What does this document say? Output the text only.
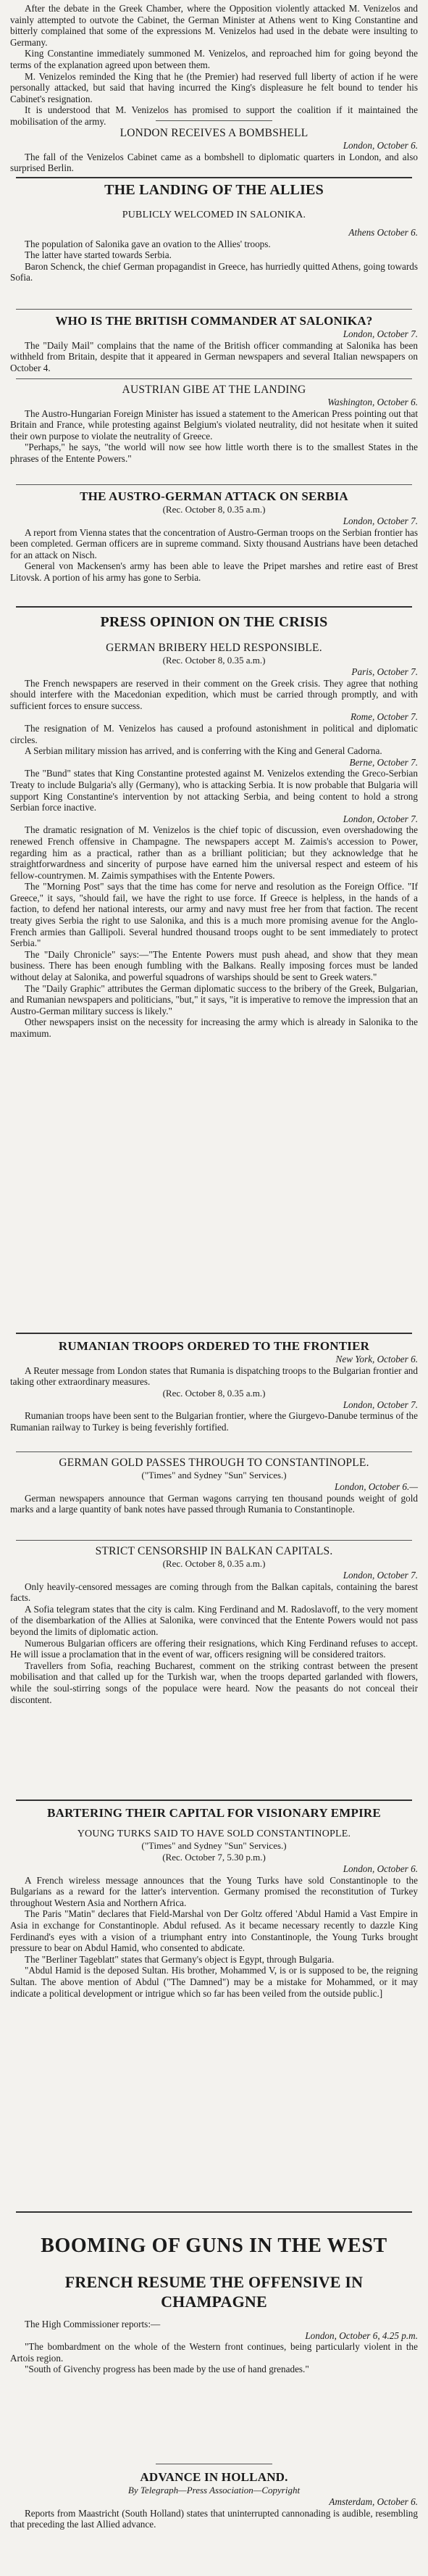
After the debate in the Greek Chamber, where the Opposition violently attacked M. Venizelos and vainly attempted to outvote the Cabinet, the German Minister at Athens went to King Constantine and bitterly complained that some of the expressions M. Venizelos had used in the debate were insulting to Germany.

King Constantine immediately summoned M. Venizelos, and reproached him for going beyond the terms of the explanation agreed upon between them.

M. Venizelos reminded the King that he (the Premier) had reserved full liberty of action if he were personally attacked, but said that having incurred the King's displeasure he felt bound to tender his Cabinet's resignation.

It is understood that M. Venizelos has promised to support the coalition if it maintained the mobilisation of the army.

LONDON RECEIVES A BOMBSHELL

London, October 6.

The fall of the Venizelos Cabinet came as a bombshell to diplomatic quarters in London, and also surprised Berlin.

THE LANDING OF THE ALLIES

PUBLICLY WELCOMED IN SALONIKA.

Athens October 6.

The population of Salonika gave an ovation to the Allies' troops.

The latter have started towards Serbia.

Baron Schenck, the chief German propagandist in Greece, has hurriedly quitted Athens, going towards Sofia.

WHO IS THE BRITISH COMMANDER AT SALONIKA?

London, October 7.

The "Daily Mail" complains that the name of the British officer commanding at Salonika has been withheld from Britain, despite that it appeared in German newspapers and several Italian newspapers on October 4.

AUSTRIAN GIBE AT THE LANDING

Washington, October 6.

The Austro-Hungarian Foreign Minister has issued a statement to the American Press pointing out that Britain and France, while protesting against Belgium's violated neutrality, did not hesitate when it suited their own purpose to violate the neutrality of Greece.

"Perhaps," he says, "the world will now see how little worth there is to the smallest States in the phrases of the Entente Powers."

THE AUSTRO-GERMAN ATTACK ON SERBIA

(Rec. October 8, 0.35 a.m.)

London, October 7.

A report from Vienna states that the concentration of Austro-German troops on the Serbian frontier has been completed. German officers are in supreme command. Sixty thousand Austrians have been detached for an attack on Nisch.

General von Mackensen's army has been able to leave the Pripet marshes and retire east of Brest Litovsk. A portion of his army has gone to Serbia.

PRESS OPINION ON THE CRISIS

GERMAN BRIBERY HELD RESPONSIBLE.

(Rec. October 8, 0.35 a.m.)

Paris, October 7.

The French newspapers are reserved in their comment on the Greek crisis. They agree that nothing should interfere with the Macedonian expedition, which must be carried through promptly, and with sufficient forces to ensure success.

Rome, October 7.

The resignation of M. Venizelos has caused a profound astonishment in political and diplomatic circles.

A Serbian military mission has arrived, and is conferring with the King and General Cadorna.

Berne, October 7.

The "Bund" states that King Constantine protested against M. Venizelos extending the Greco-Serbian Treaty to include Bulgaria's ally (Germany), who is attacking Serbia. It is now probable that Bulgaria will support King Constantine's intervention by not attacking Serbia, and being content to hold a strong Serbian force inactive.

London, October 7.

The dramatic resignation of M. Venizelos is the chief topic of discussion, even overshadowing the renewed French offensive in Champagne. The newspapers accept M. Zaimis's accession to Power, regarding him as a practical, rather than as a brilliant politician; but they acknowledge that he straightforwardness and sincerity of purpose have earned him the universal respect and esteem of his fellow-countrymen. M. Zaimis sympathises with the Entente Powers.

The "Morning Post" says that the time has come for nerve and resolution as the Foreign Office. "If Greece," it says, "should fail, we have the right to use force. If Greece is helpless, in the hands of a faction, to defend her national interests, our army and navy must free her from that faction. The recent treaty gives Serbia the right to use Salonika, and this is a much more promising avenue for the Anglo-French armies than Gallipoli. Several hundred thousand troops ought to be sent immediately to protect Serbia."

The "Daily Chronicle" says:—"The Entente Powers must push ahead, and show that they mean business. There has been enough fumbling with the Balkans. Really imposing forces must be landed without delay at Salonika, and powerful squadrons of warships should be sent to Greek waters."

The "Daily Graphic" attributes the German diplomatic success to the bribery of the Greek, Bulgarian, and Rumanian newspapers and politicians, "but," it says, "it is imperative to remove the impression that an Austro-German military success is likely."

Other newspapers insist on the necessity for increasing the army which is already in Salonika to the maximum.

RUMANIAN TROOPS ORDERED TO THE FRONTIER

New York, October 6.

A Reuter message from London states that Rumania is dispatching troops to the Bulgarian frontier and taking other extraordinary measures.

(Rec. October 8, 0.35 a.m.)

London, October 7.

Rumanian troops have been sent to the Bulgarian frontier, where the Giurgevo-Danube terminus of the Rumanian railway to Turkey is being feverishly fortified.

GERMAN GOLD PASSES THROUGH TO CONSTANTINOPLE.

("Times" and Sydney "Sun" Services.)

London, October 6.—

German newspapers announce that German wagons carrying ten thousand pounds weight of gold marks and a large quantity of bank notes have passed through Rumania to Constantinople.

STRICT CENSORSHIP IN BALKAN CAPITALS.

(Rec. October 8, 0.35 a.m.)

London, October 7.

Only heavily-censored messages are coming through from the Balkan capitals, containing the barest facts.

A Sofia telegram states that the city is calm. King Ferdinand and M. Radoslavoff, to the very moment of the disembarkation of the Allies at Salonika, were convinced that the Entente Powers would not pass beyond the limits of diplomatic action.

Numerous Bulgarian officers are offering their resignations, which King Ferdinand refuses to accept. He will issue a proclamation that in the event of war, officers resigning will be considered traitors.

Travellers from Sofia, reaching Bucharest, comment on the striking contrast between the present mobilisation and that called up for the Turkish war, when the troops departed garlanded with flowers, while the soul-stirring songs of the populace were heard. Now the peasants do not conceal their discontent.

BARTERING THEIR CAPITAL FOR VISIONARY EMPIRE

YOUNG TURKS SAID TO HAVE SOLD CONSTANTINOPLE.

("Times" and Sydney "Sun" Services.)

(Rec. October 7, 5.30 p.m.)

London, October 6.

A French wireless message announces that the Young Turks have sold Constantinople to the Bulgarians as a reward for the latter's intervention. Germany promised the reconstitution of Turkey throughout Western Asia and Northern Africa.

The Paris "Matin" declares that Field-Marshal von Der Goltz offered 'Abdul Hamid a Vast Empire in Asia in exchange for Constantinople. Abdul refused. As it became necessary recently to dazzle King Ferdinand's eyes with a vision of a triumphant entry into Constantinople, the Young Turks brought pressure to bear on Abdul Hamid, who consented to abdicate.

The "Berliner Tageblatt" states that Germany's object is Egypt, through Bulgaria.

"Abdul Hamid is the deposed Sultan. His brother, Mohammed V, is or is supposed to be, the reigning Sultan. The above mention of Abdul ("The Damned") may be a mistake for Mohammed, or it may indicate a political development or intrigue which so far has been veiled from the outside public.]

BOOMING OF GUNS IN THE WEST

FRENCH RESUME THE OFFENSIVE IN CHAMPAGNE

The High Commissioner reports:—

London, October 6, 4.25 p.m.

"The bombardment on the whole of the Western front continues, being particularly violent in the Artois region.

"South of Givenchy progress has been made by the use of hand grenades."

ADVANCE IN HOLLAND.

By Telegraph—Press Association—Copyright

Amsterdam, October 6.

Reports from Maastricht (South Holland) states that uninterrupted cannonading is audible, resembling that preceding the last Allied advance.
